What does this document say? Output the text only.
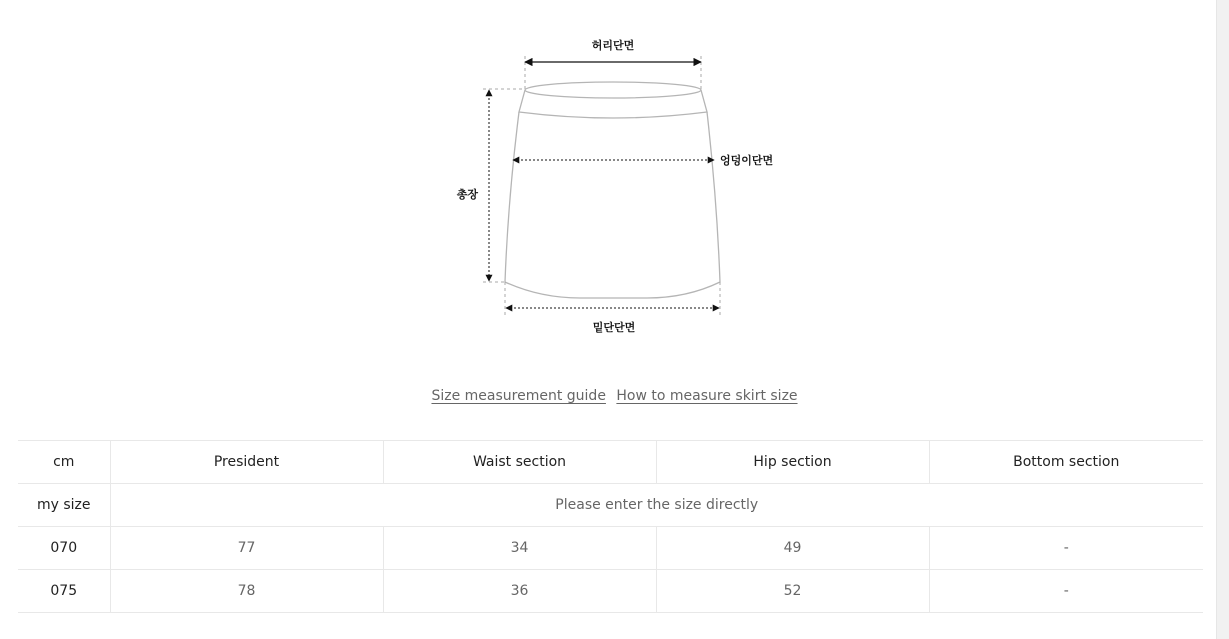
허리단면
엉덩이단면
총장
밑단단면
Size measurement guide How to measure skirt size
cm	President	Waist section	Hip section	Bottom section
my size	Please enter the size directly			
070	77	34	49	-
075	78	36	52	-
